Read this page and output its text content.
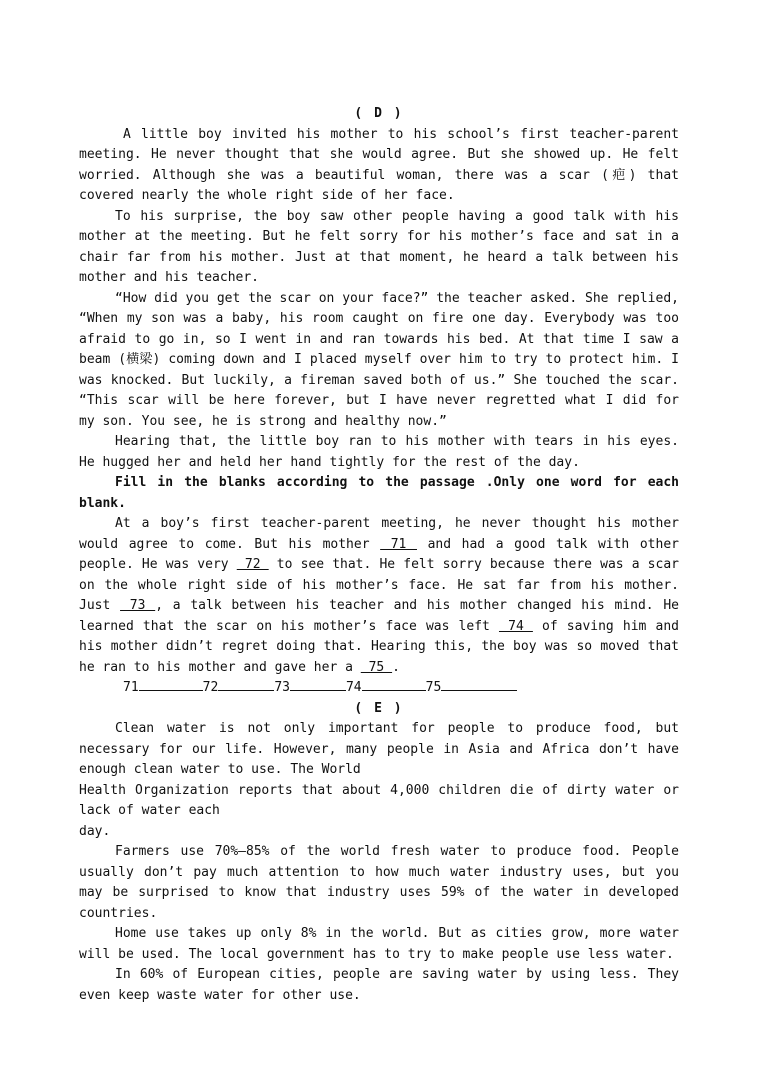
( D )

A little boy invited his mother to his school’s first teacher-parent meeting. He never thought that she would agree. But she showed up. He felt worried. Although she was a beautiful woman, there was a scar (疤) that covered nearly the whole right side of her face.

To his surprise, the boy saw other people having a good talk with his mother at the meeting. But he felt sorry for his mother’s face and sat in a chair far from his mother. Just at that moment, he heard a talk between his mother and his teacher.

“How did you get the scar on your face?” the teacher asked. She replied, “When my son was a baby, his room caught on fire one day. Everybody was too afraid to go in, so I went in and ran towards his bed. At that time I saw a beam (横梁) coming down and I placed myself over him to try to protect him. I was knocked. But luckily, a fireman saved both of us.” She touched the scar. “This scar will be here forever, but I have never regretted what I did for my son. You see, he is strong and healthy now.”

Hearing that, the little boy ran to his mother with tears in his eyes. He hugged her and held her hand tightly for the rest of the day.

Fill in the blanks according to the passage .Only one word for each blank.

At a boy’s first teacher-parent meeting, he never thought his mother would agree to come. But his mother  71  and had a good talk with other people. He was very  72  to see that. He felt sorry because there was a scar on the whole right side of his mother’s face. He sat far from his mother. Just  73 , a talk between his teacher and his mother changed his mind. He learned that the scar on his mother’s face was left  74  of saving him and his mother didn’t regret doing that. Hearing this, the boy was so moved that he ran to his mother and gave her a  75 .

71	72	73	74	75
( E )

Clean water is not only important for people to produce food, but necessary for our life. However, many people in Asia and Africa don’t have enough clean water to use. The World

Health Organization reports that about 4,000 children die of dirty water or lack of water each

day.

Farmers use 70%—85% of the world fresh water to produce food. People usually don’t pay much attention to how much water industry uses, but you may be surprised to know that industry uses 59% of the water in developed countries.

Home use takes up only 8% in the world. But as cities grow, more water will be used. The local government has to try to make people use less water.

In 60% of European cities, people are saving water by using less. They even keep waste water for other use.
